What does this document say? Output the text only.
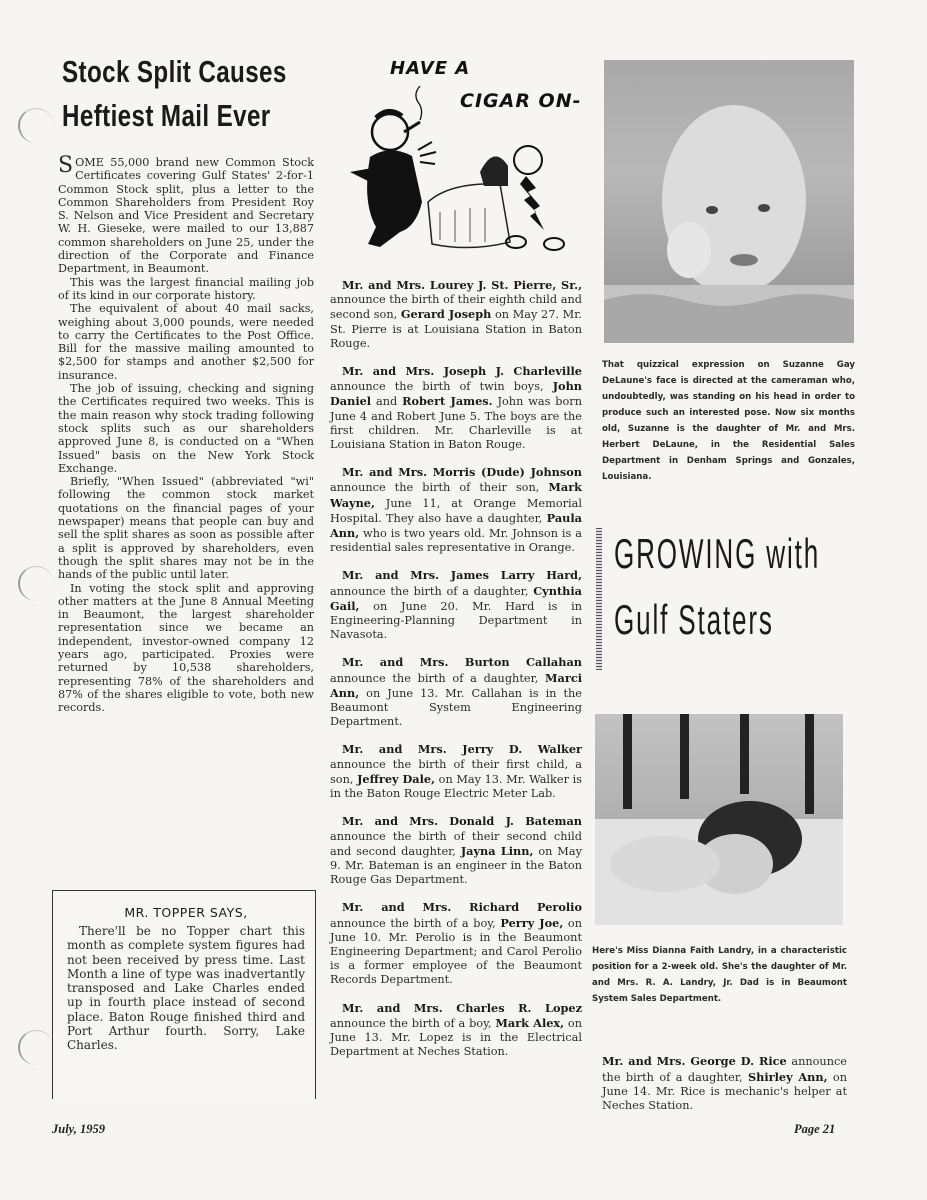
Stock Split Causes
Heftiest Mail Ever

SOME 55,000 brand new Common Stock Certificates covering Gulf States' 2-for-1 Common Stock split, plus a letter to the Common Shareholders from President Roy S. Nelson and Vice President and Secretary W. H. Gieseke, were mailed to our 13,887 common shareholders on June 25, under the direction of the Corporate and Finance Department, in Beaumont.

This was the largest financial mailing job of its kind in our corporate history.

The equivalent of about 40 mail sacks, weighing about 3,000 pounds, were needed to carry the Certificates to the Post Office. Bill for the massive mailing amounted to $2,500 for stamps and another $2,500 for insurance.

The job of issuing, checking and signing the Certificates required two weeks. This is the main reason why stock trading following stock splits such as our shareholders approved June 8, is conducted on a "When Issued" basis on the New York Stock Exchange.

Briefly, "When Issued" (abbreviated "wi" following the common stock market quotations on the financial pages of your newspaper) means that people can buy and sell the split shares as soon as possible after a split is approved by shareholders, even though the split shares may not be in the hands of the public until later.

In voting the stock split and approving other matters at the June 8 Annual Meeting in Beaumont, the largest shareholder representation since we became an independent, investor-owned company 12 years ago, participated. Proxies were returned by 10,538 shareholders, representing 78% of the shareholders and 87% of the shares eligible to vote, both new records.

MR. TOPPER SAYS,

There'll be no Topper chart this month as complete system figures had not been received by press time. Last Month a line of type was inadvertantly transposed and Lake Charles ended up in fourth place instead of second place. Baton Rouge finished third and Port Arthur fourth. Sorry, Lake Charles.

HAVE A
CIGAR ON-

Mr. and Mrs. Lourey J. St. Pierre, Sr., announce the birth of their eighth child and second son, Gerard Joseph on May 27. Mr. St. Pierre is at Louisiana Station in Baton Rouge.

Mr. and Mrs. Joseph J. Charleville announce the birth of twin boys, John Daniel and Robert James. John was born June 4 and Robert June 5. The boys are the first children. Mr. Charleville is at Louisiana Station in Baton Rouge.

Mr. and Mrs. Morris (Dude) Johnson announce the birth of their son, Mark Wayne, June 11, at Orange Memorial Hospital. They also have a daughter, Paula Ann, who is two years old. Mr. Johnson is a residential sales representative in Orange.

Mr. and Mrs. James Larry Hard, announce the birth of a daughter, Cynthia Gail, on June 20. Mr. Hard is in Engineering-Planning Department in Navasota.

Mr. and Mrs. Burton Callahan announce the birth of a daughter, Marci Ann, on June 13. Mr. Callahan is in the Beaumont System Engineering Department.

Mr. and Mrs. Jerry D. Walker announce the birth of their first child, a son, Jeffrey Dale, on May 13. Mr. Walker is in the Baton Rouge Electric Meter Lab.

Mr. and Mrs. Donald J. Bateman announce the birth of their second child and second daughter, Jayna Linn, on May 9. Mr. Bateman is an engineer in the Baton Rouge Gas Department.

Mr. and Mrs. Richard Perolio announce the birth of a boy, Perry Joe, on June 10. Mr. Perolio is in the Beaumont Engineering Department; and Carol Perolio is a former employee of the Beaumont Records Department.

Mr. and Mrs. Charles R. Lopez announce the birth of a boy, Mark Alex, on June 13. Mr. Lopez is in the Electrical Department at Neches Station.

That quizzical expression on Suzanne Gay DeLaune's face is directed at the cameraman who, undoubtedly, was standing on his head in order to produce such an interested pose. Now six months old, Suzanne is the daughter of Mr. and Mrs. Herbert DeLaune, in the Residential Sales Department in Denham Springs and Gonzales, Louisiana.
GROWING with
Gulf Staters
Here's Miss Dianna Faith Landry, in a characteristic position for a 2-week old. She's the daughter of Mr. and Mrs. R. A. Landry, Jr. Dad is in Beaumont System Sales Department.

Mr. and Mrs. George D. Rice announce the birth of a daughter, Shirley Ann, on June 14. Mr. Rice is mechanic's helper at Neches Station.

July, 1959	Page 21
